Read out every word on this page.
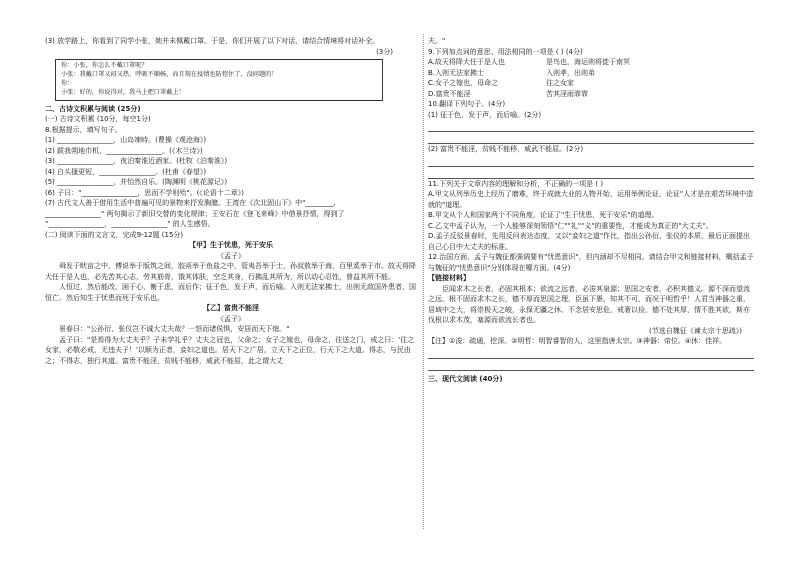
(3) 放学路上，你看到了同学小张，她并未佩戴口罩。于是，你们开展了以下对话，请结合情境将对话补全。

(3分)

你：小张，你怎么不戴口罩呢？
小张：我戴口罩又闷又热，呼吸不顺畅，而且现在疫情也防控住了，没问题的！
你：
小张：好的，你说得对，我马上把口罩戴上！

二、古诗文积累与阅读 (25分)

(一) 古诗文积累 (10分，每空1分)

8.根据提示，填写句子。

(1) ________________，山岛竦峙。(曹操《观沧海》)

(2) 跋我朔地巾机，________________。(《木兰诗》)

(3) ________________，夜泊秦淮近酒家。(杜牧《泊秦淮》)

(4) 白头搔更短，________________。(杜甫《春望》)

(5) ________________，并怡然自乐。(陶渊明《桃花源记》)

(6) 子曰："________________，思而不学则殆"。(《论语十二章》)

(7) 古代文人善于借用生活中普遍可见的景物来抒发胸臆。王湾在《次北固山下》中"________,

________________" 两句揭示了新旧交替的变化规律；王安石在《登飞来峰》中借景抒情，得到了

"________________，________________" 的人生感悟。

(二) 阅读下面的文言文，完成9-12题 (15分)

【甲】生于忧患，死于安乐

《孟子》

舜发于畎亩之中，傅说举于版筑之间，胶鬲举于鱼盐之中，管夷吾举于士，孙叔敖举于海，百里奚举于市。故天将降大任于是人也，必先苦其心志，劳其筋骨，饿其体肤，空乏其身，行拂乱其所为，所以动心忍性，曾益其所不能。

人恒过，然后能改，困于心，衡于虑，而后作；征于色，发于声，而后喻。入则无法家拂士，出则无敌国外患者，国恒亡。然后知生于忧患而死于安乐也。

【乙】富贵不能淫

《孟子》

景春曰："公孙衍、张仪岂不诚大丈夫哉？一怒而诸侯惧，安居而天下熄。"

孟子曰："是焉得为大丈夫乎？子未学礼乎？丈夫之冠也，父命之；女子之嫁也，母命之，往送之门，戒之曰：'往之女家，必敬必戒，无违夫子！'以顺为正者，妾妇之道也。居天下之广居，立天下之正位，行天下之大道。得志，与民由之；不得志，独行其道。富贵不能淫，贫贱不能移，威武不能屈，此之谓大丈

夫。"

9.下列加点词的意思、用法相同的一项是 ( ) (4分)

A.故天将降大任于是人也	是鸟也，海运则将徙于南冥
B.入则无法家拂士	入则孝，出则弟
C.女子之嫁也，母命之	往之女家
D.富贵不能淫	苦其淫雨霏霏

10.翻译下列句子。(4分)

(1) 征于色，发于声，而后喻。(2分)

(2) 富贵不能淫，贫贱不能移，威武不能屈。(2分)

11.下列关于文章内容的理解和分析，不正确的一项是 ( )

A.甲文从列举历史上经历了磨难，终于成就大业的人物开始，运用举例论证，论证"人才是在艰苦环境中造就的"道理。

B.甲文从个人和国家两个不同角度，论证了"生于忧患，死于安乐"的道理。

C.乙文中孟子认为，一个人能够深刻领悟"仁""礼""义"的重要性，才能成为真正的"大丈夫"。

D.孟子反驳景春时，先用反问表达态度，又以"妾妇之道"作比，指出公孙衍、张仪的本质，最后正面提出自己心目中大丈夫的标准。

12.治国方面，孟子与魏征都强调要有"忧患意识"，但内涵却不尽相同。请结合甲文和链接材料，概括孟子与魏征的"忧患意识"分别体现在哪方面。(4分)

【链接材料】

臣闻求木之长者，必固其根本；欲流之远者，必浚其泉源；思国之安者，必积其德义。源不深而望流之远，根不固而求木之长，德不厚而思国之理，臣虽下愚，知其不可，而况于明哲乎！人君当神器之重，居域中之大，将崇极天之峻，永保无疆之休。不念居安思危，戒奢以俭，德不处其厚，情不胜其欲，斯亦伐根以求木茂，塞源而欲流长者也。

(节选自魏征《谏太宗十思疏》)

【注】①浚：疏通，挖深。②明哲：明智睿智的人，这里指唐太宗。③神器：帝位。④休：佳祥。

三、现代文阅读 (40分)
